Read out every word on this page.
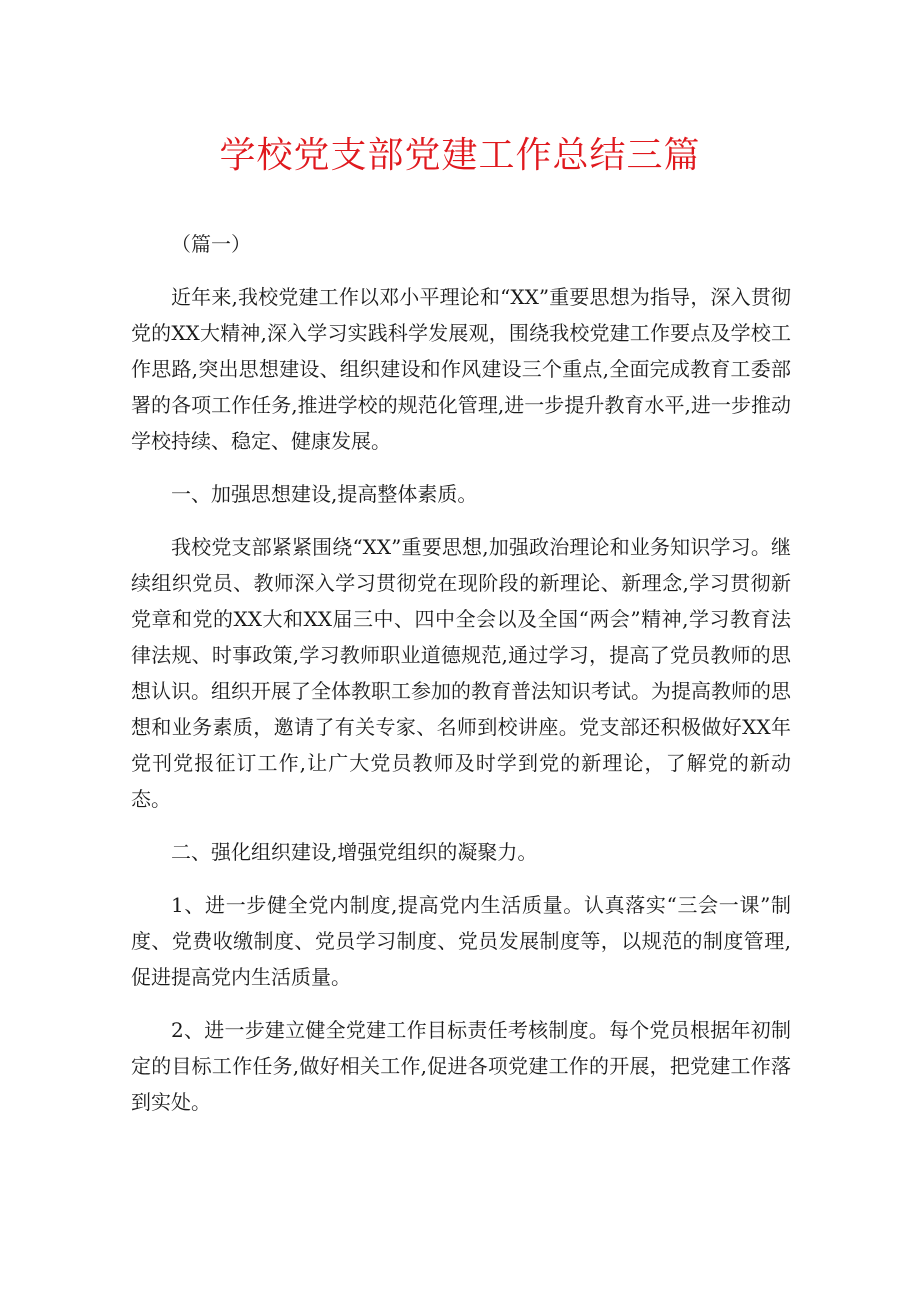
学校党支部党建工作总结三篇

（篇一）

近年来,我校党建工作以邓小平理论和“XX”重要思想为指导，深入贯彻党的XX大精神,深入学习实践科学发展观，围绕我校党建工作要点及学校工作思路,突出思想建设、组织建设和作风建设三个重点,全面完成教育工委部署的各项工作任务,推进学校的规范化管理,进一步提升教育水平,进一步推动学校持续、稳定、健康发展。

一、加强思想建设,提高整体素质。

我校党支部紧紧围绕“XX”重要思想,加强政治理论和业务知识学习。继续组织党员、教师深入学习贯彻党在现阶段的新理论、新理念,学习贯彻新党章和党的XX大和XX届三中、四中全会以及全国“两会”精神,学习教育法律法规、时事政策,学习教师职业道德规范,通过学习，提高了党员教师的思想认识。组织开展了全体教职工参加的教育普法知识考试。为提高教师的思想和业务素质，邀请了有关专家、名师到校讲座。党支部还积极做好XX年党刊党报征订工作,让广大党员教师及时学到党的新理论，了解党的新动态。

二、强化组织建设,增强党组织的凝聚力。

1、进一步健全党内制度,提高党内生活质量。认真落实“三会一课”制度、党费收缴制度、党员学习制度、党员发展制度等，以规范的制度管理,促进提高党内生活质量。

2、进一步建立健全党建工作目标责任考核制度。每个党员根据年初制定的目标工作任务,做好相关工作,促进各项党建工作的开展，把党建工作落到实处。
